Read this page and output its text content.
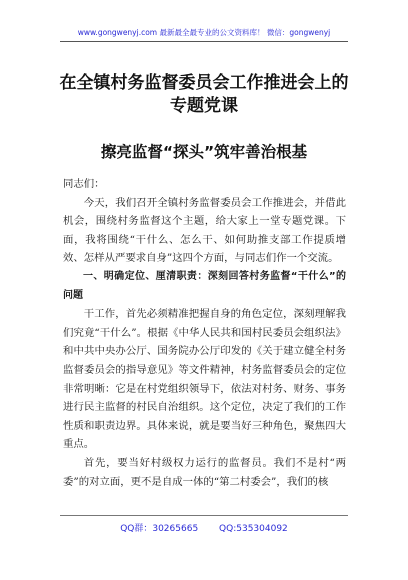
www.gongwenyj.com 最新最全最专业的公文资料库！ 微信：gongwenyj
在全镇村务监督委员会工作推进会上的专题党课
擦亮监督“探头”筑牢善治根基

同志们：

今天，我们召开全镇村务监督委员会工作推进会，并借此机会，围绕村务监督这个主题，给大家上一堂专题党课。下面，我将围绕“干什么、怎么干、如何助推支部工作提质增效、怎样从严要求自身”这四个方面，与同志们作一个交流。

一、明确定位、厘清职责：深刻回答村务监督“干什么”的问题

干工作，首先必须精准把握自身的角色定位，深刻理解我们究竟“干什么”。根据《中华人民共和国村民委员会组织法》和中共中央办公厅、国务院办公厅印发的《关于建立健全村务监督委员会的指导意见》等文件精神，村务监督委员会的定位非常明晰：它是在村党组织领导下，依法对村务、财务、事务进行民主监督的村民自治组织。这个定位，决定了我们的工作性质和职责边界。具体来说，就是要当好三种角色，聚焦四大重点。

首先，要当好村级权力运行的监督员。我们不是村“两委”的对立面，更不是自成一体的“第二村委会”，我们的核

QQ群：30265665 QQ:535304092
